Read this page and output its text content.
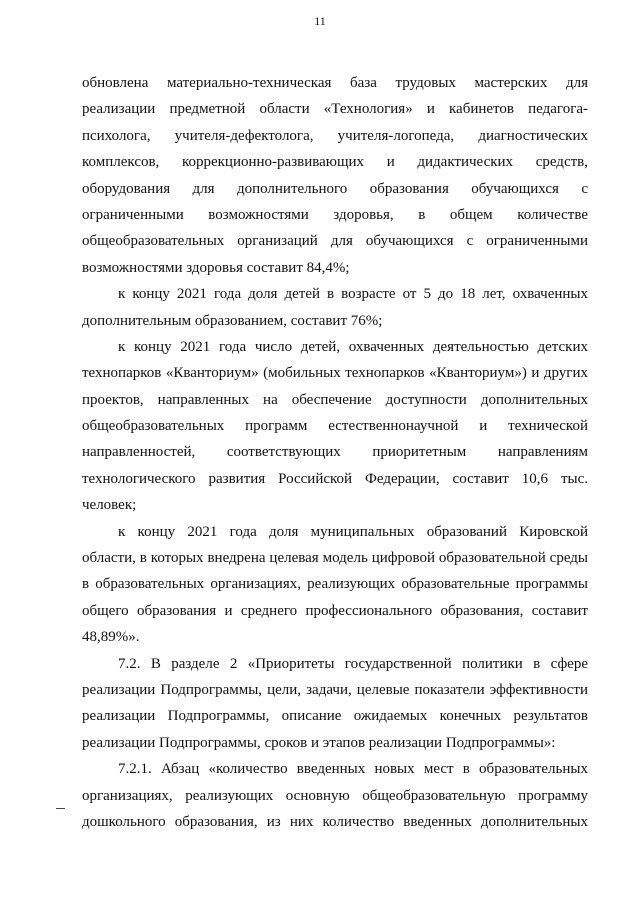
11
обновлена материально-техническая база трудовых мастерских для
реализации предметной области «Технология» и кабинетов педагога-
психолога, учителя-дефектолога, учителя-логопеда, диагностических
комплексов, коррекционно-развивающих и дидактических средств,
оборудования для дополнительного образования обучающихся с
ограниченными возможностями здоровья, в общем количестве
общеобразовательных организаций для обучающихся с ограниченными
возможностями здоровья составит 84,4%;
к концу 2021 года доля детей в возрасте от 5 до 18 лет, охваченных
дополнительным образованием, составит 76%;
к концу 2021 года число детей, охваченных деятельностью детских
технопарков «Кванториум» (мобильных технопарков «Кванториум») и других
проектов, направленных на обеспечение доступности дополнительных
общеобразовательных программ естественнонаучной и технической
направленностей, соответствующих приоритетным направлениям
технологического развития Российской Федерации, составит 10,6 тыс.
человек;
к концу 2021 года доля муниципальных образований Кировской
области, в которых внедрена целевая модель цифровой образовательной среды
в образовательных организациях, реализующих образовательные программы
общего образования и среднего профессионального образования, составит
48,89%».
7.2. В разделе 2 «Приоритеты государственной политики в сфере
реализации Подпрограммы, цели, задачи, целевые показатели эффективности
реализации Подпрограммы, описание ожидаемых конечных результатов
реализации Подпрограммы, сроков и этапов реализации Подпрограммы»:
7.2.1. Абзац «количество введенных новых мест в образовательных
организациях, реализующих основную общеобразовательную программу
дошкольного образования, из них количество введенных дополнительных
